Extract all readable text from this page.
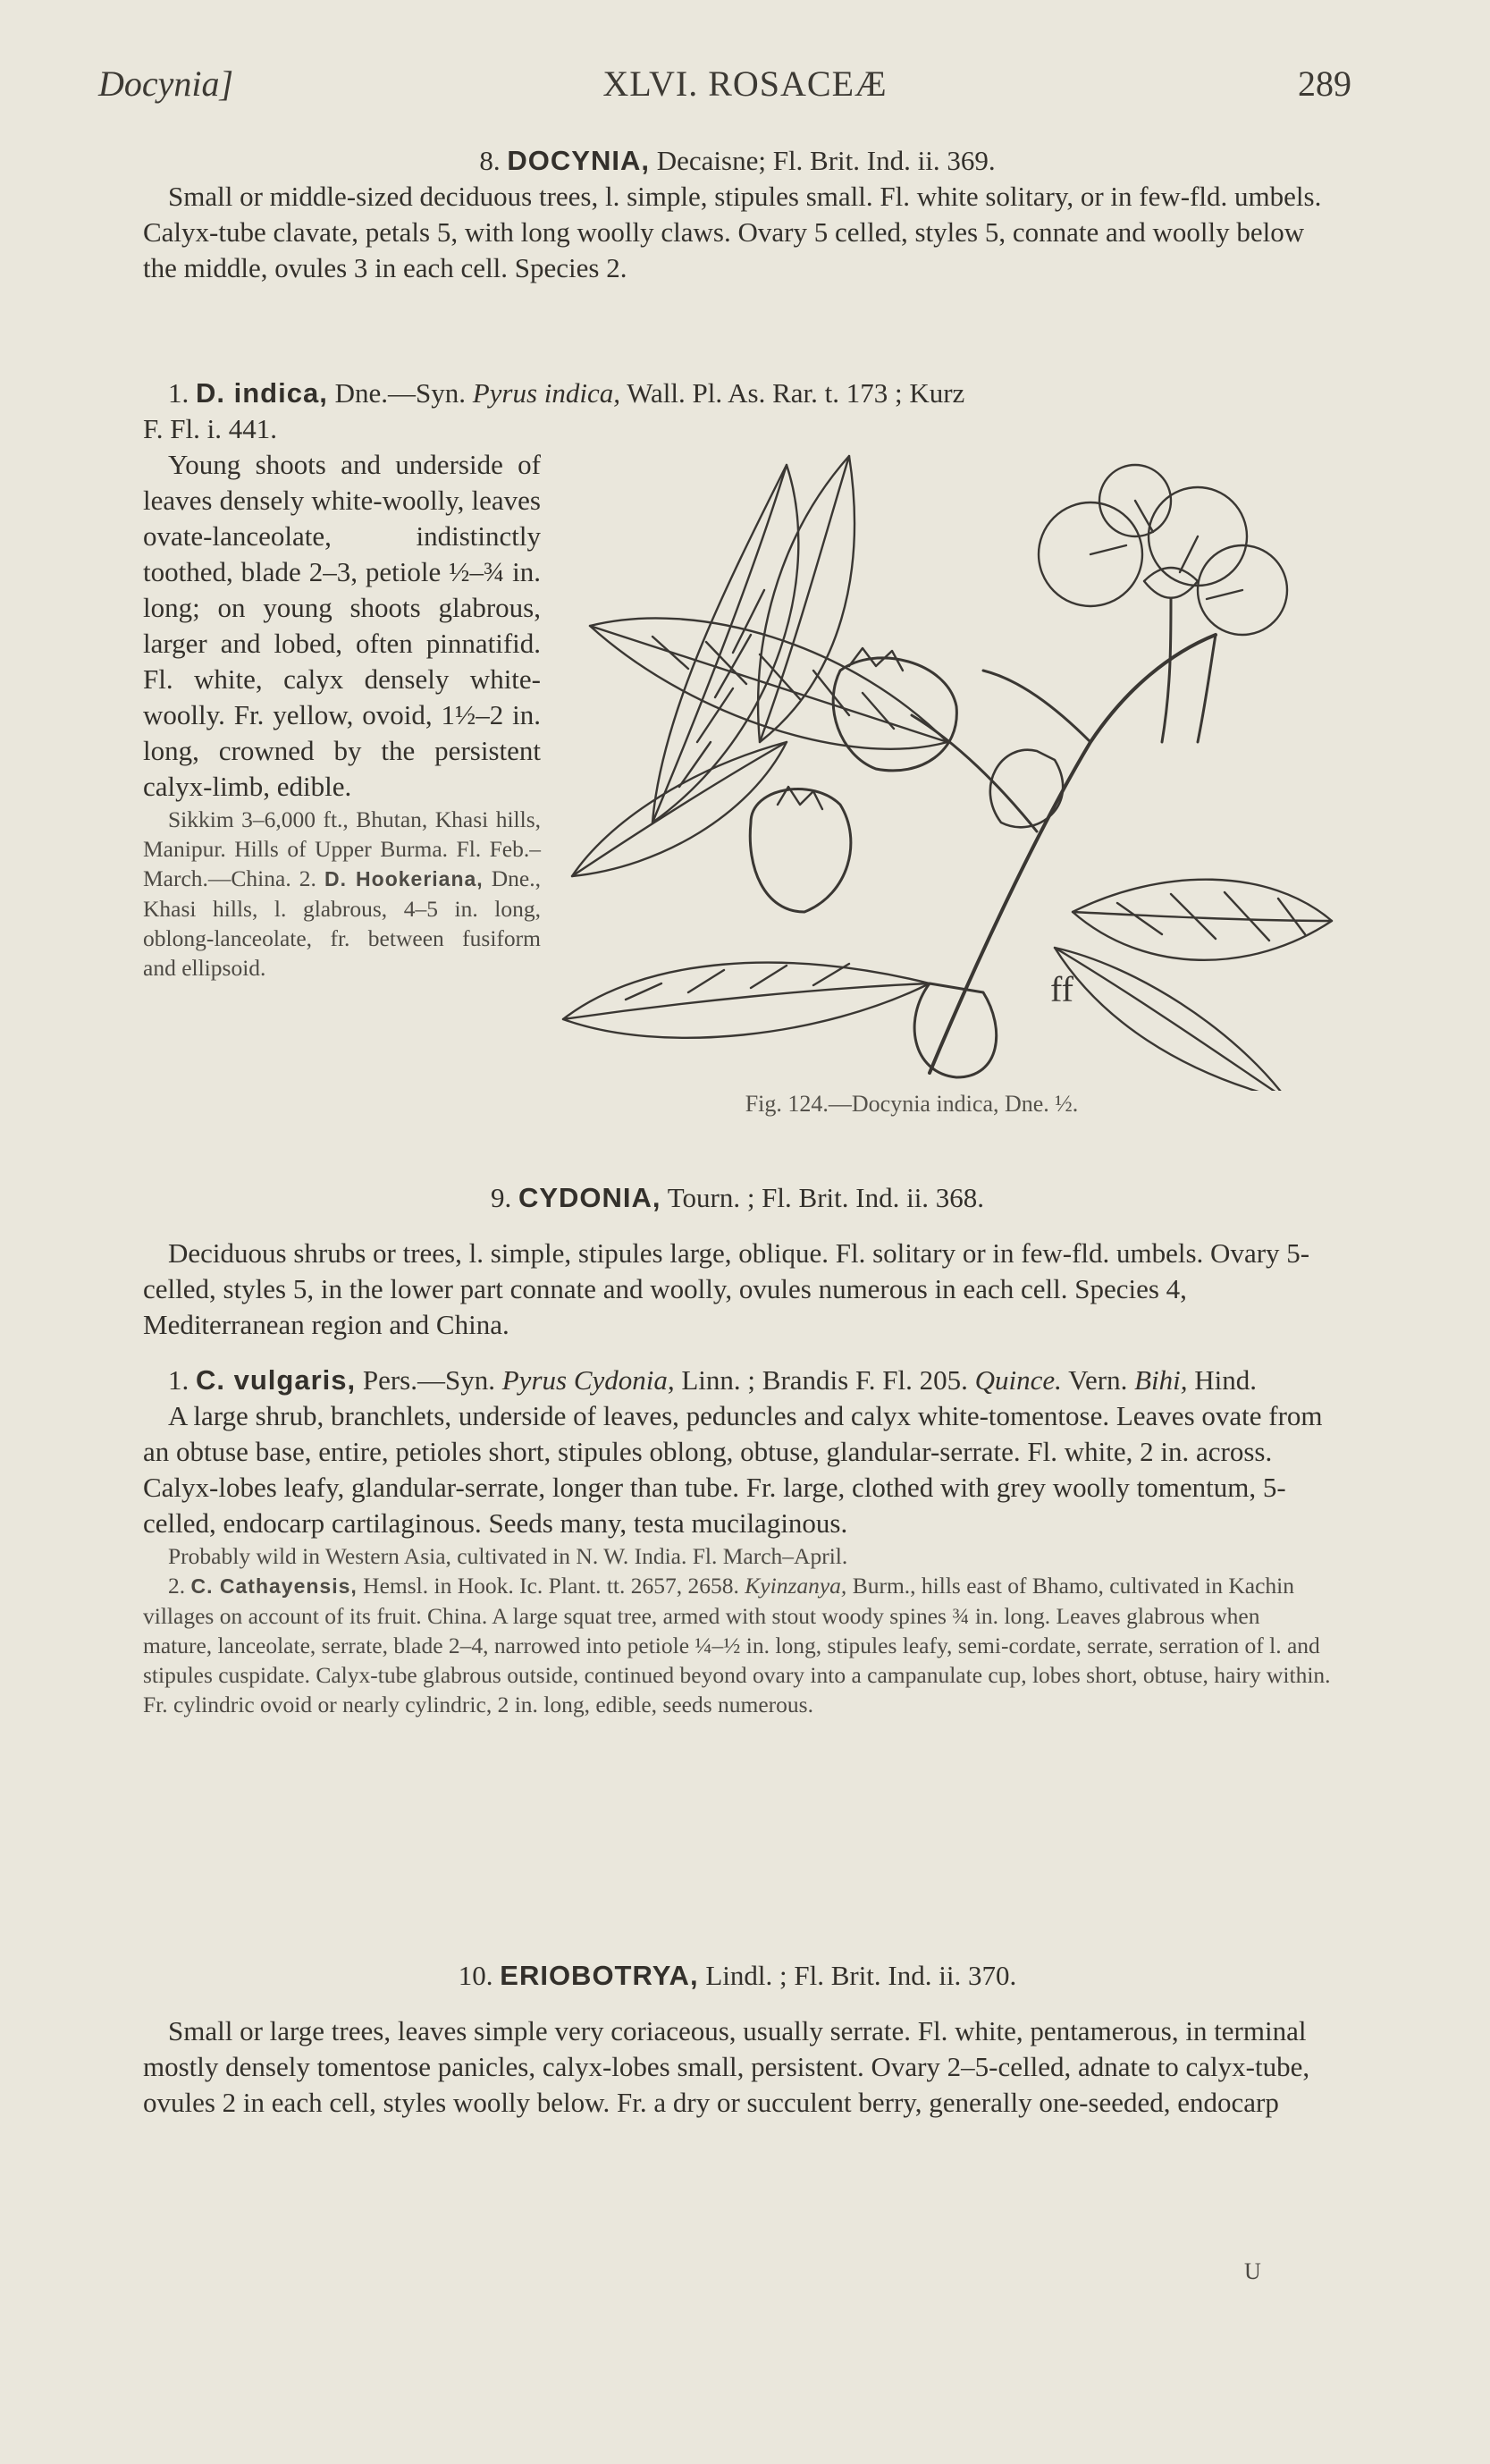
Docynia]	XLVI. ROSACEÆ	289

8. DOCYNIA, Decaisne; Fl. Brit. Ind. ii. 369.

Small or middle-sized deciduous trees, l. simple, stipules small. Fl. white solitary, or in few-fld. umbels. Calyx-tube clavate, petals 5, with long woolly claws. Ovary 5 celled, styles 5, connate and woolly below the middle, ovules 3 in each cell. Species 2.

1. D. indica, Dne.—Syn. Pyrus indica, Wall. Pl. As. Rar. t. 173 ; Kurz

F. Fl. i. 441.

Young shoots and underside of leaves densely white-woolly, leaves ovate-lanceolate, indistinctly toothed, blade 2–3, petiole ½–¾ in. long; on young shoots glabrous, larger and lobed, often pinnatifid. Fl. white, calyx densely white-woolly. Fr. yellow, ovoid, 1½–2 in. long, crowned by the persistent calyx-limb, edible.

Sikkim 3–6,000 ft., Bhutan, Khasi hills, Manipur. Hills of Upper Burma. Fl. Feb.–March.—China. 2. D. Hookeriana, Dne., Khasi hills, l. glabrous, 4–5 in. long, oblong-lanceolate, fr. between fusiform and ellipsoid.

ff
Fig. 124.—Docynia indica, Dne. ½.

9. CYDONIA, Tourn. ; Fl. Brit. Ind. ii. 368.

Deciduous shrubs or trees, l. simple, stipules large, oblique. Fl. solitary or in few-fld. umbels. Ovary 5-celled, styles 5, in the lower part connate and woolly, ovules numerous in each cell. Species 4, Mediterranean region and China.

1. C. vulgaris, Pers.—Syn. Pyrus Cydonia, Linn. ; Brandis F. Fl. 205. Quince. Vern. Bihi, Hind.

A large shrub, branchlets, underside of leaves, peduncles and calyx white-tomentose. Leaves ovate from an obtuse base, entire, petioles short, stipules oblong, obtuse, glandular-serrate. Fl. white, 2 in. across. Calyx-lobes leafy, glandular-serrate, longer than tube. Fr. large, clothed with grey woolly tomentum, 5-celled, endocarp cartilaginous. Seeds many, testa mucilaginous.

Probably wild in Western Asia, cultivated in N. W. India. Fl. March–April.

2. C. Cathayensis, Hemsl. in Hook. Ic. Plant. tt. 2657, 2658. Kyinzanya, Burm., hills east of Bhamo, cultivated in Kachin villages on account of its fruit. China. A large squat tree, armed with stout woody spines ¾ in. long. Leaves glabrous when mature, lanceolate, serrate, blade 2–4, narrowed into petiole ¼–½ in. long, stipules leafy, semi-cordate, serrate, serration of l. and stipules cuspidate. Calyx-tube glabrous outside, continued beyond ovary into a campanulate cup, lobes short, obtuse, hairy within. Fr. cylindric ovoid or nearly cylindric, 2 in. long, edible, seeds numerous.

10. ERIOBOTRYA, Lindl. ; Fl. Brit. Ind. ii. 370.

Small or large trees, leaves simple very coriaceous, usually serrate. Fl. white, pentamerous, in terminal mostly densely tomentose panicles, calyx-lobes small, persistent. Ovary 2–5-celled, adnate to calyx-tube, ovules 2 in each cell, styles woolly below. Fr. a dry or succulent berry, generally one-seeded, endocarp

U
